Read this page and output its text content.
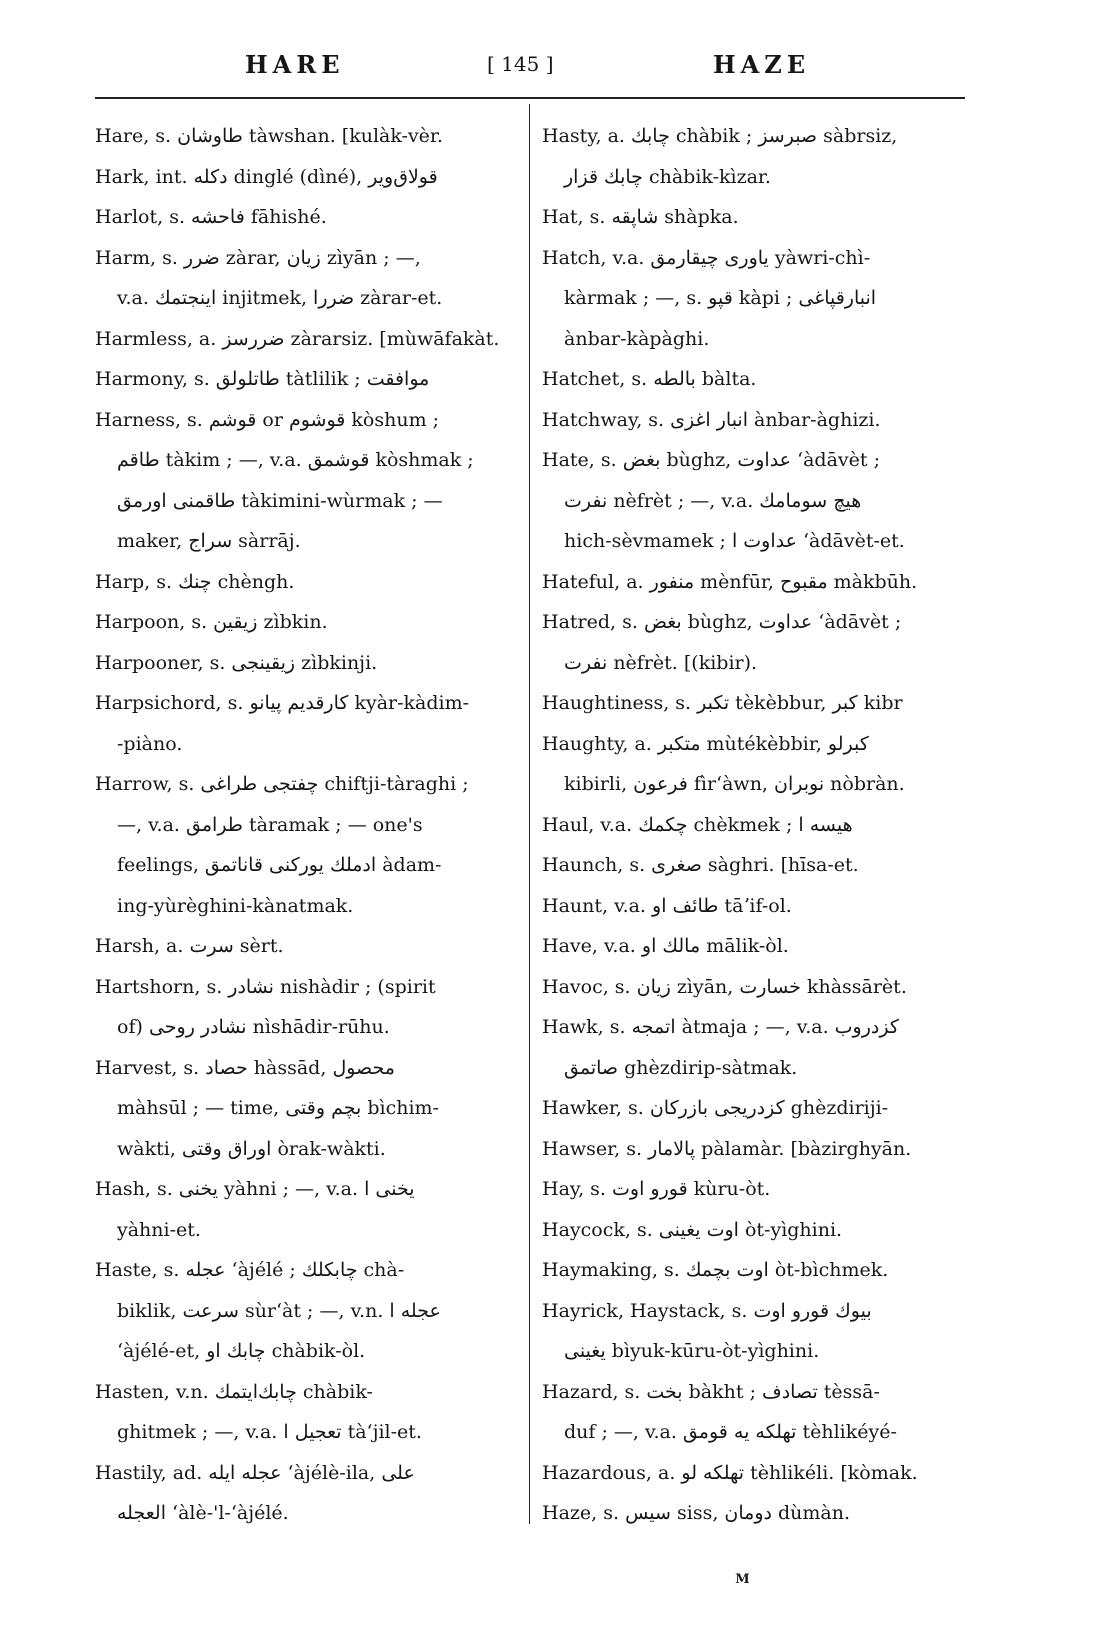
HARE	[ 145 ]	HAZE
Hare, s. طاوشان tàwshan. [kulàk-vèr.
Hark, int. دكله dinglé (dìné), قولاق‌ویر
Harlot, s. فاحشه fāhishé.
Harm, s. ضرر zàrar, زیان zìyān ; —,
v.a. اینجتمك injitmek, ضررا zàrar-et.
Harmless, a. ضررسز zàrarsiz. [mùwāfakàt.
Harmony, s. طاتلولق tàtlilik ; موافقت
Harness, s. قوشم or قوشوم kòshum ;
طاقم tàkim ; —, v.a. قوشمق kòshmak ;
طاقمنی اورمق tàkimini-wùrmak ; —
maker, سراج sàrrāj.
Harp, s. چنك chèngh.
Harpoon, s. زیقین zìbkin.
Harpooner, s. زیقینجی zìbkinji.
Harpsichord, s. كارقدیم پیانو kyàr-kàdim-
-piàno.
Harrow, s. چفتجی طراغی chiftji-tàraghi ;
—, v.a. طرامق tàramak ; — one's
feelings, ادملك یورکنی قاناتمق àdam-
ing-yùrèghini-kànatmak.
Harsh, a. سرت sèrt.
Hartshorn, s. نشادر nishàdir ; (spirit
of) نشادر روحی nìshādir-rūhu.
Harvest, s. حصاد hàssād, محصول
màhsūl ; — time, بچم وقتی bìchim-
wàkti, اوراق وقتی òrak-wàkti.
Hash, s. یخنی yàhni ; —, v.a. یخنی ا
yàhni-et.
Haste, s. عجله ʻàjélé ; چابكلك chà-
biklik, سرعت sùrʻàt ; —, v.n. عجله ا
ʻàjélé-et, چابك او chàbik-òl.
Hasten, v.n. چابك‌ایتمك chàbik-
ghitmek ; —, v.a. تعجیل ا tàʻjil-et.
Hastily, ad. عجله ایله ʻàjélè-ila, علی
العجله ʻàlè-'l-ʻàjélé.
Hasty, a. چابك chàbik ; صبرسز sàbrsiz,
چابك قزار chàbik-kìzar.
Hat, s. شاپقه shàpka.
Hatch, v.a. یاوری چیقارمق yàwri-chì-
kàrmak ; —, s. قپو kàpi ; انبارقپاغی
ànbar-kàpàghi.
Hatchet, s. بالطه bàlta.
Hatchway, s. انبار اغزی ànbar-àghizi.
Hate, s. بغض bùghz, عداوت ʻàdāvèt ;
نفرت nèfrèt ; —, v.a. هیچ سومامك
hich-sèvmamek ; عداوت ا ʻàdāvèt-et.
Hateful, a. منفور mènfūr, مقبوح màkbūh.
Hatred, s. بغض bùghz, عداوت ʻàdāvèt ;
نفرت nèfrèt. [(kibir).
Haughtiness, s. تكبر tèkèbbur, كبر kibr
Haughty, a. متكبر mùtékèbbir, كبرلو
kibirli, فرعون fìrʻàwn, نوبران nòbràn.
Haul, v.a. چكمك chèkmek ; هیسه ا
Haunch, s. صغری sàghri. [hīsa-et.
Haunt, v.a. طائف او tāʼif-ol.
Have, v.a. مالك او mālik-òl.
Havoc, s. زیان zìyān, خسارت khàssārèt.
Hawk, s. اتمجه àtmaja ; —, v.a. كزدروب
صاتمق ghèzdirip-sàtmak.
Hawker, s. كزدریجی بازركان ghèzdiriji-
Hawser, s. پالامار pàlamàr. [bàzirghyān.
Hay, s. قورو اوت kùru-òt.
Haycock, s. اوت یغینی òt-yìghini.
Haymaking, s. اوت بچمك òt-bìchmek.
Hayrick, Haystack, s. بیوك قورو اوت
یغینی bìyuk-kūru-òt-yìghini.
Hazard, s. بخت bàkht ; تصادف tèssā-
duf ; —, v.a. تهلكه یه قومق tèhlikéyé-
Hazardous, a. تهلكه لو tèhlikéli. [kòmak.
Haze, s. سیس siss, دومان dùmàn.
M
